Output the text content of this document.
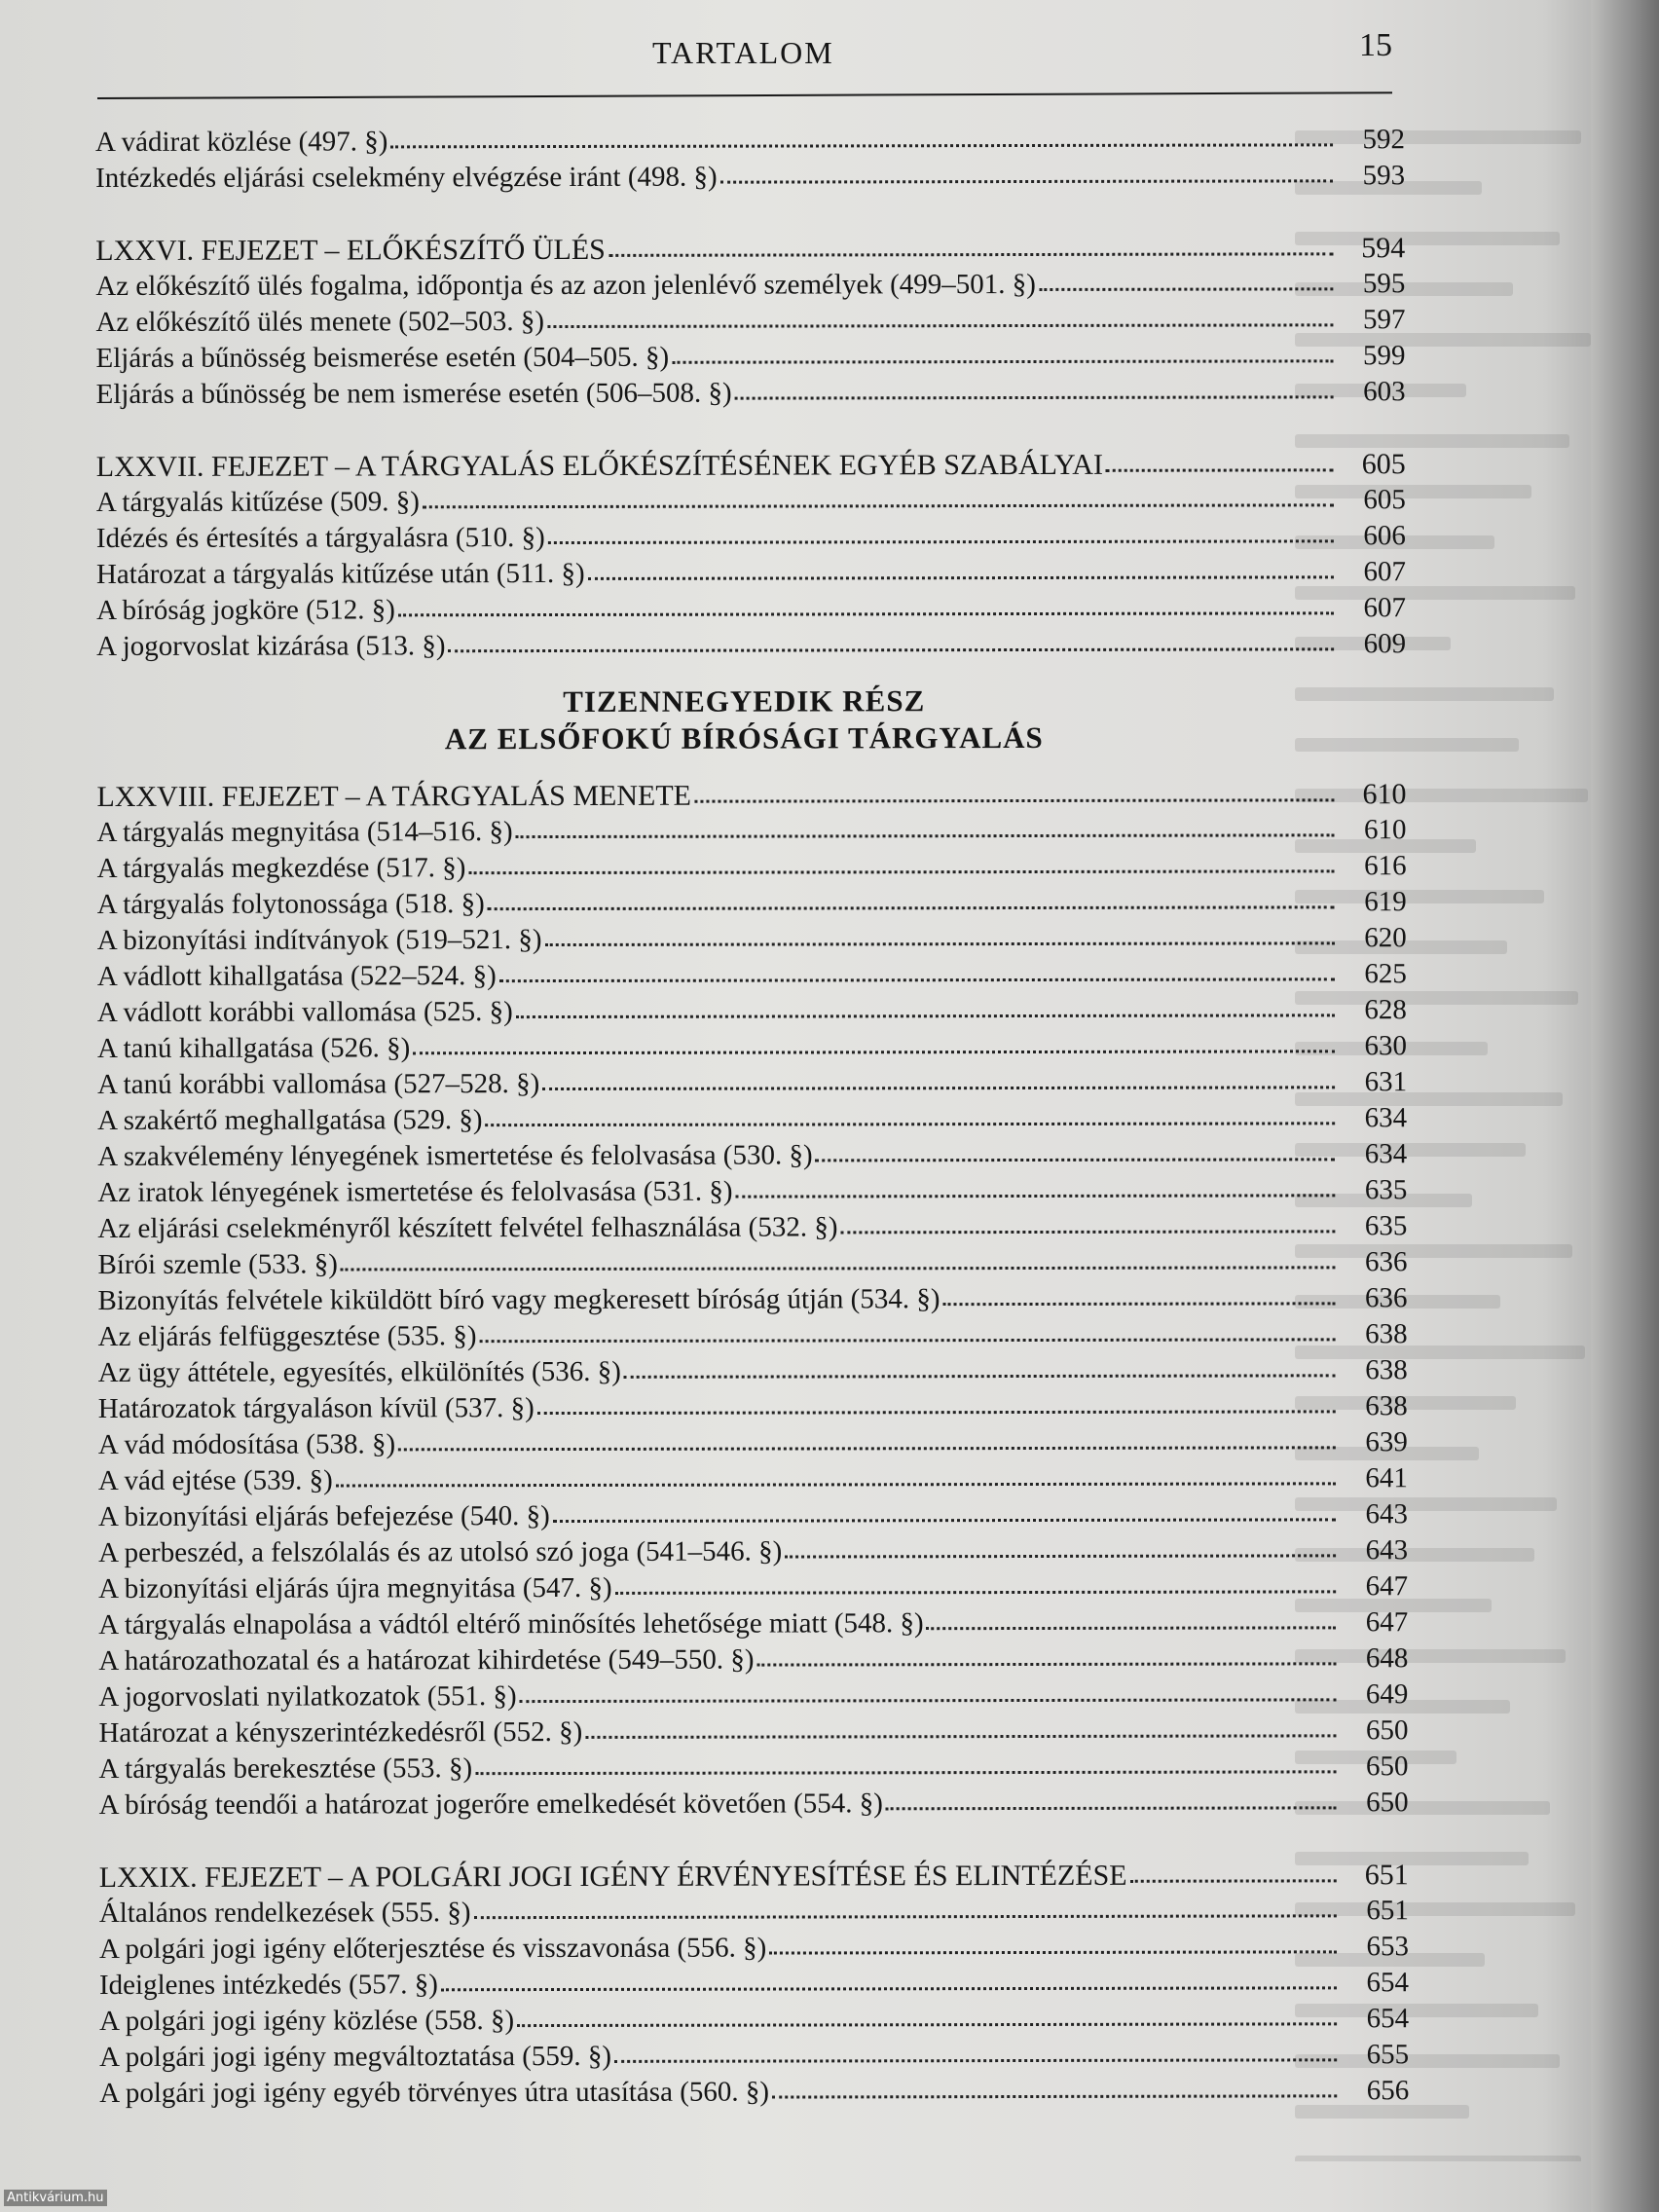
TARTALOM	15
A vádirat közlése (497. §)	592
Intézkedés eljárási cselekmény elvégzése iránt (498. §)	593
LXXVI. FEJEZET – ELŐKÉSZÍTŐ ÜLÉS	594
Az előkészítő ülés fogalma, időpontja és az azon jelenlévő személyek (499–501. §)	595
Az előkészítő ülés menete (502–503. §)	597
Eljárás a bűnösség beismerése esetén (504–505. §)	599
Eljárás a bűnösség be nem ismerése esetén (506–508. §)	603
LXXVII. FEJEZET – A TÁRGYALÁS ELŐKÉSZÍTÉSÉNEK EGYÉB SZABÁLYAI	605
A tárgyalás kitűzése (509. §)	605
Idézés és értesítés a tárgyalásra (510. §)	606
Határozat a tárgyalás kitűzése után (511. §)	607
A bíróság jogköre (512. §)	607
A jogorvoslat kizárása (513. §)	609
TIZENNEGYEDIK RÉSZ
AZ ELSŐFOKÚ BÍRÓSÁGI TÁRGYALÁS
LXXVIII. FEJEZET – A TÁRGYALÁS MENETE	610
A tárgyalás megnyitása (514–516. §)	610
A tárgyalás megkezdése (517. §)	616
A tárgyalás folytonossága (518. §)	619
A bizonyítási indítványok (519–521. §)	620
A vádlott kihallgatása (522–524. §)	625
A vádlott korábbi vallomása (525. §)	628
A tanú kihallgatása (526. §)	630
A tanú korábbi vallomása (527–528. §)	631
A szakértő meghallgatása (529. §)	634
A szakvélemény lényegének ismertetése és felolvasása (530. §)	634
Az iratok lényegének ismertetése és felolvasása (531. §)	635
Az eljárási cselekményről készített felvétel felhasználása (532. §)	635
Bírói szemle (533. §)	636
Bizonyítás felvétele kiküldött bíró vagy megkeresett bíróság útján (534. §)	636
Az eljárás felfüggesztése (535. §)	638
Az ügy áttétele, egyesítés, elkülönítés (536. §)	638
Határozatok tárgyaláson kívül (537. §)	638
A vád módosítása (538. §)	639
A vád ejtése (539. §)	641
A bizonyítási eljárás befejezése (540. §)	643
A perbeszéd, a felszólalás és az utolsó szó joga (541–546. §)	643
A bizonyítási eljárás újra megnyitása (547. §)	647
A tárgyalás elnapolása a vádtól eltérő minősítés lehetősége miatt (548. §)	647
A határozathozatal és a határozat kihirdetése (549–550. §)	648
A jogorvoslati nyilatkozatok (551. §)	649
Határozat a kényszerintézkedésről (552. §)	650
A tárgyalás berekesztése (553. §)	650
A bíróság teendői a határozat jogerőre emelkedését követően (554. §)	650
LXXIX. FEJEZET – A POLGÁRI JOGI IGÉNY ÉRVÉNYESÍTÉSE ÉS ELINTÉZÉSE	651
Általános rendelkezések (555. §)	651
A polgári jogi igény előterjesztése és visszavonása (556. §)	653
Ideiglenes intézkedés (557. §)	654
A polgári jogi igény közlése (558. §)	654
A polgári jogi igény megváltoztatása (559. §)	655
A polgári jogi igény egyéb törvényes útra utasítása (560. §)	656
Antikvárium.hu
